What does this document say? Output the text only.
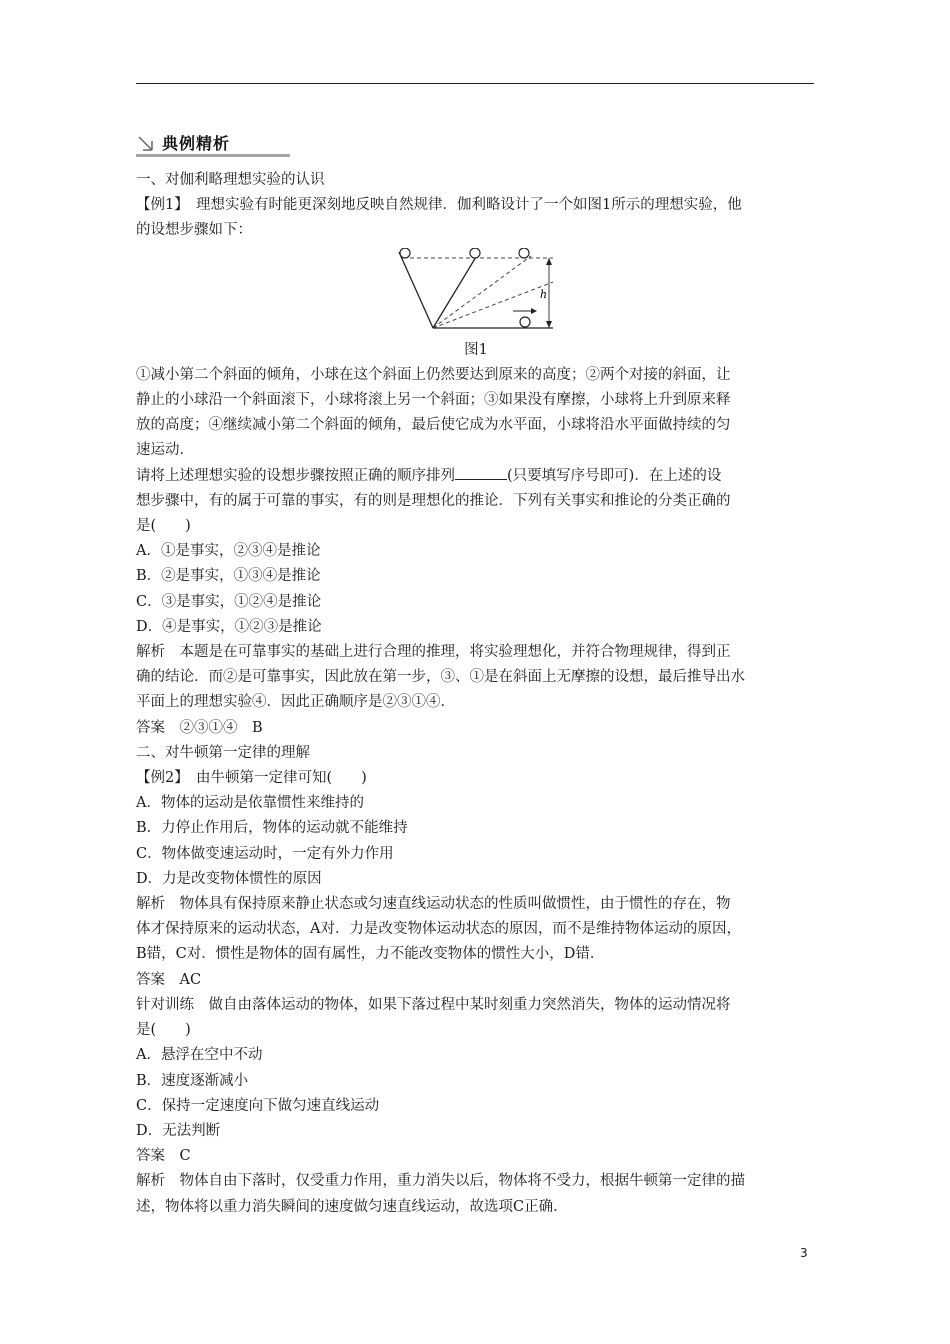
典例精析

一、对伽利略理想实验的认识

【例1】　理想实验有时能更深刻地反映自然规律．伽利略设计了一个如图1所示的理想实验，他

的设想步骤如下：

h

图1

①减小第二个斜面的倾角，小球在这个斜面上仍然要达到原来的高度；②两个对接的斜面，让

静止的小球沿一个斜面滚下，小球将滚上另一个斜面；③如果没有摩擦，小球将上升到原来释

放的高度；④继续减小第二个斜面的倾角，最后使它成为水平面，小球将沿水平面做持续的匀

速运动．

请将上述理想实验的设想步骤按照正确的顺序排列	(只要填写序号即可)．在上述的设

想步骤中，有的属于可靠的事实，有的则是理想化的推论．下列有关事实和推论的分类正确的

是(　　)

A．①是事实，②③④是推论

B．②是事实，①③④是推论

C．③是事实，①②④是推论

D．④是事实，①②③是推论

解析　本题是在可靠事实的基础上进行合理的推理，将实验理想化，并符合物理规律，得到正

确的结论．而②是可靠事实，因此放在第一步，③、①是在斜面上无摩擦的设想，最后推导出水

平面上的理想实验④．因此正确顺序是②③①④．

答案　②③①④　B

二、对牛顿第一定律的理解

【例2】　由牛顿第一定律可知(　　)

A．物体的运动是依靠惯性来维持的

B．力停止作用后，物体的运动就不能维持

C．物体做变速运动时，一定有外力作用

D．力是改变物体惯性的原因

解析　物体具有保持原来静止状态或匀速直线运动状态的性质叫做惯性，由于惯性的存在，物

体才保持原来的运动状态，A对．力是改变物体运动状态的原因，而不是维持物体运动的原因，

B错，C对．惯性是物体的固有属性，力不能改变物体的惯性大小，D错．

答案　AC

针对训练　做自由落体运动的物体，如果下落过程中某时刻重力突然消失，物体的运动情况将

是(　　)

A．悬浮在空中不动

B．速度逐渐减小

C．保持一定速度向下做匀速直线运动

D．无法判断

答案　C

解析　物体自由下落时，仅受重力作用，重力消失以后，物体将不受力，根据牛顿第一定律的描

述，物体将以重力消失瞬间的速度做匀速直线运动，故选项C正确．

3
